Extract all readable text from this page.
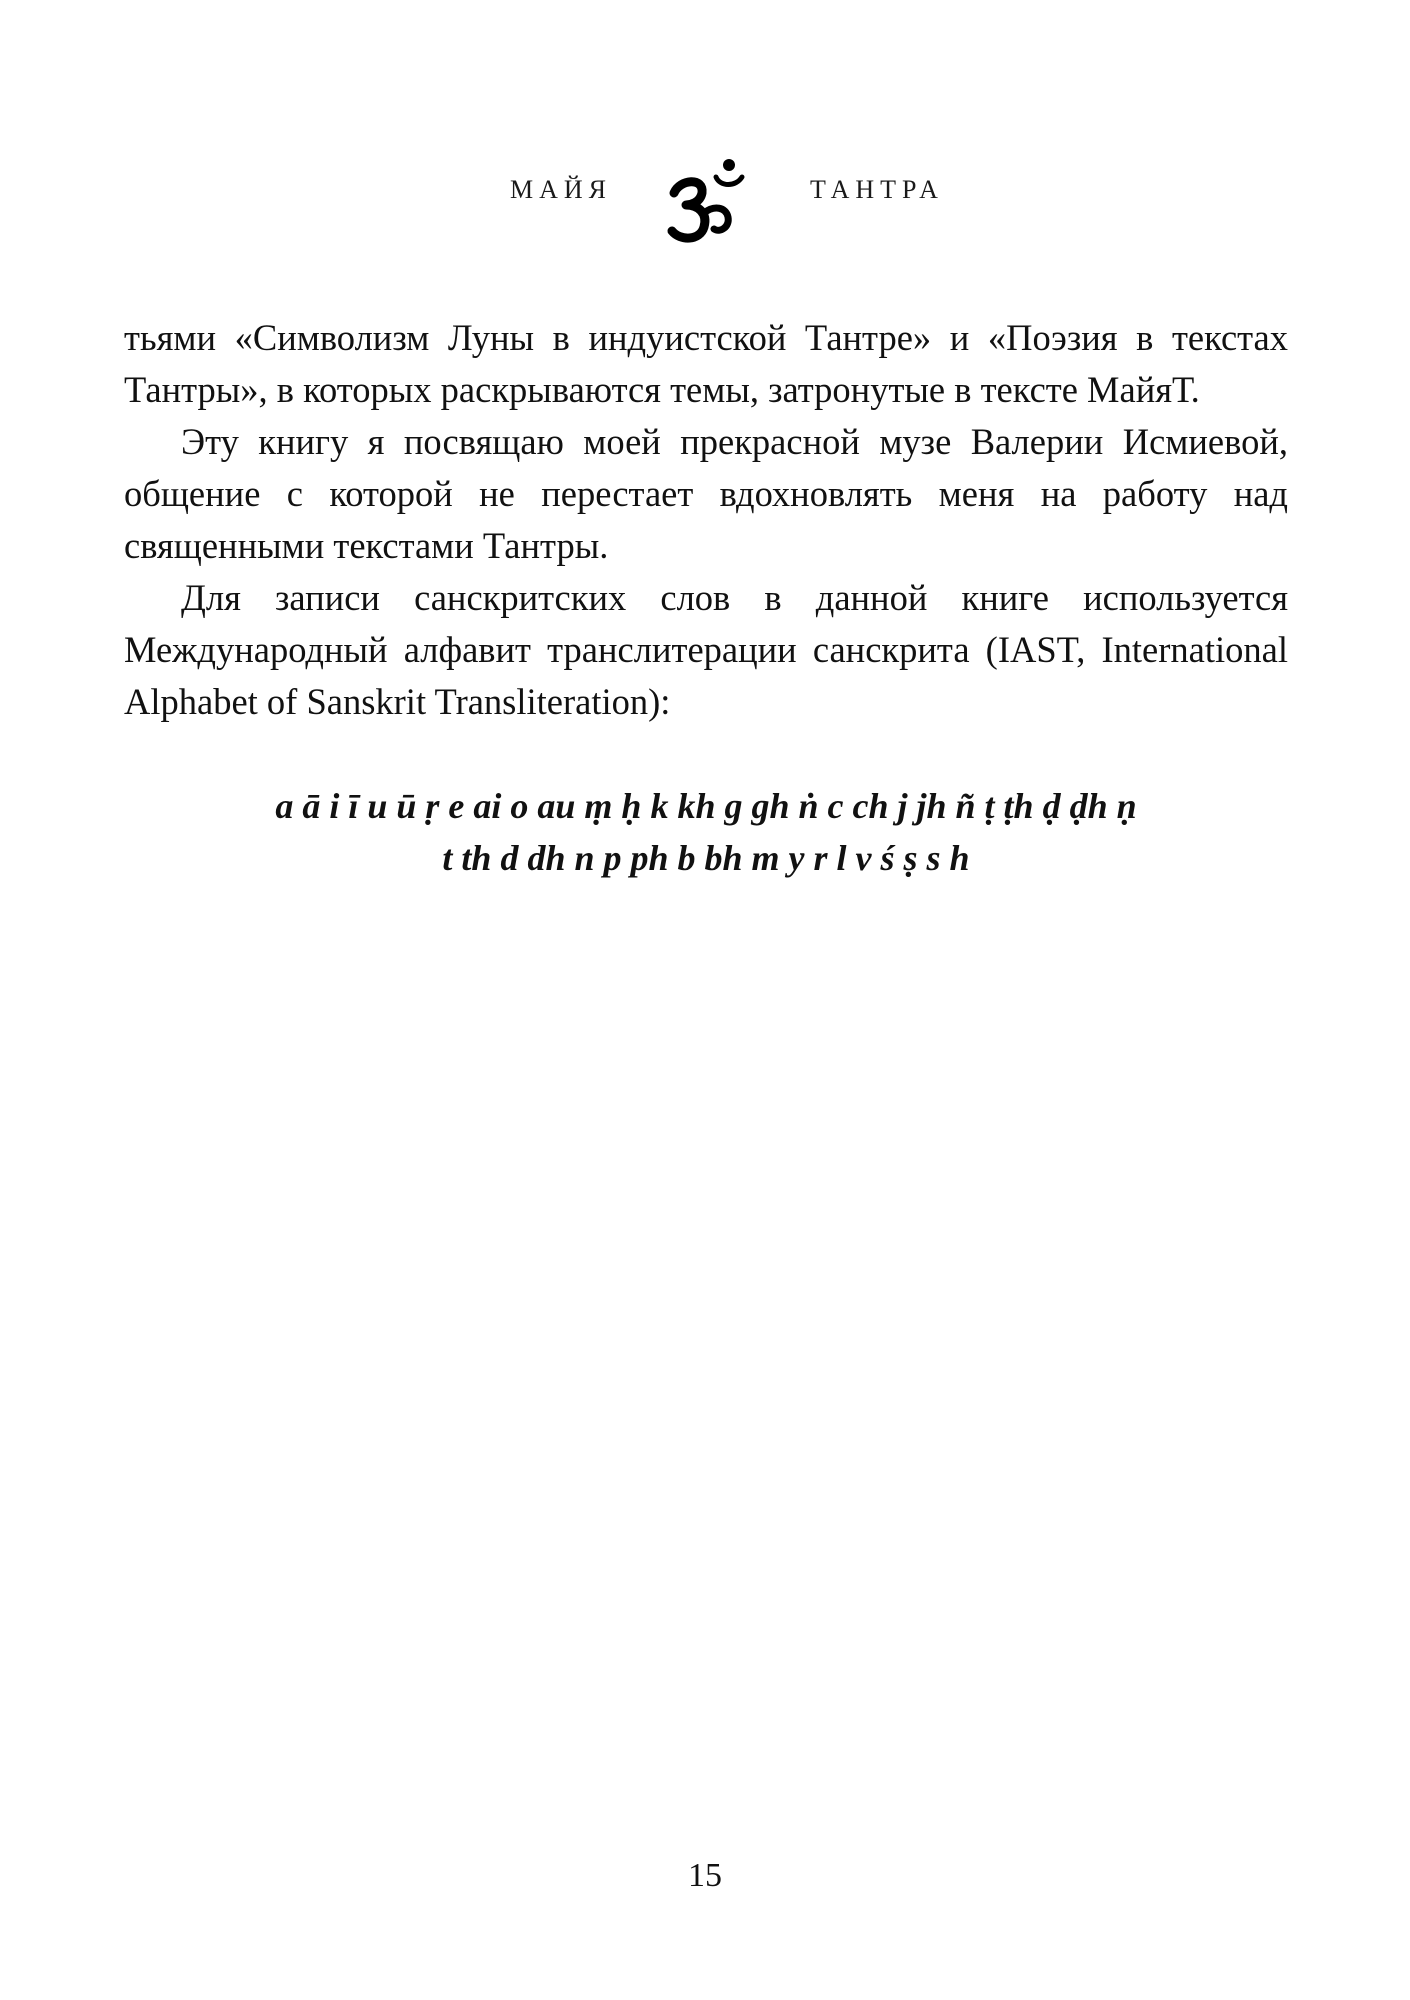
МАЙЯ	ТАНТРА

тьями «Символизм Луны в индуистской Тантре» и «Поэзия в текстах Тантры», в которых раскрываются темы, затронутые в тексте МайяТ.

Эту книгу я посвящаю моей прекрасной музе Валерии Исмиевой, общение с которой не перестает вдохновлять меня на работу над священными текстами Тантры.

Для записи санскритских слов в данной книге используется Международный алфавит транслитерации санскрита (IAST, International Alphabet of Sanskrit Transliteration):

a ā i ī u ū ṛ e ai o au ṃ ḥ k kh g gh ṅ c ch j jh ñ ṭ ṭh ḍ ḍh ṇ
t th d dh n p ph b bh m y r l v ś ṣ s h
15
